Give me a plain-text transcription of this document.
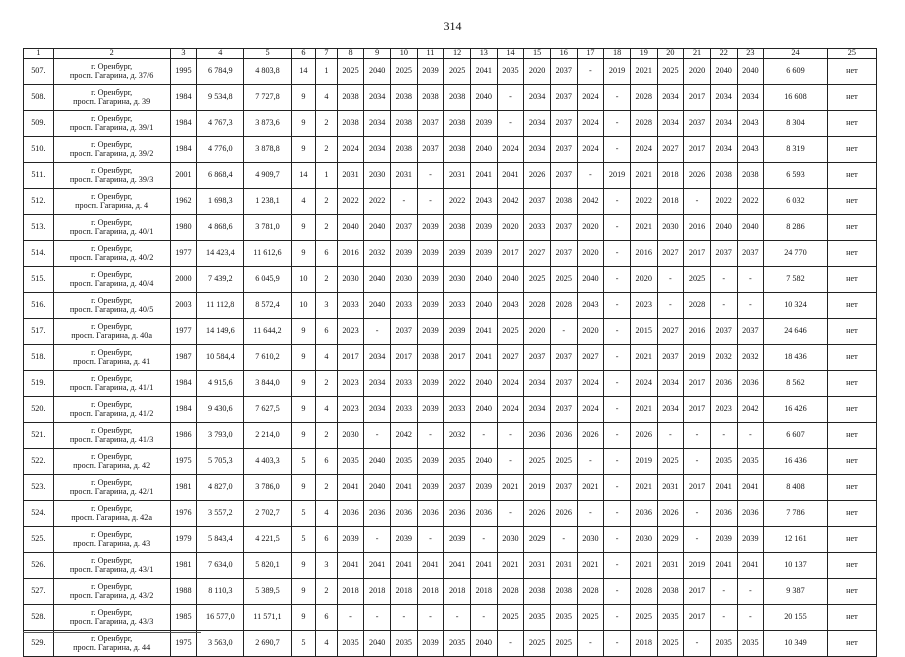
314
1	2	3	4	5	6	7	8	9	10	11	12	13	14	15	16	17	18	19	20	21	22	23	24	25
507.	г. Оренбург,
просп. Гагарина, д. 37/6	1995	6 784,9	4 803,8	14	1	2025	2040	2025	2039	2025	2041	2035	2020	2037	-	2019	2021	2025	2020	2040	2040	6 609	нет
508.	г. Оренбург,
просп. Гагарина, д. 39	1984	9 534,8	7 727,8	9	4	2038	2034	2038	2038	2038	2040	-	2034	2037	2024	-	2028	2034	2017	2034	2034	16 608	нет
509.	г. Оренбург,
просп. Гагарина, д. 39/1	1984	4 767,3	3 873,6	9	2	2038	2034	2038	2037	2038	2039	-	2034	2037	2024	-	2028	2034	2037	2034	2043	8 304	нет
510.	г. Оренбург,
просп. Гагарина, д. 39/2	1984	4 776,0	3 878,8	9	2	2024	2034	2038	2037	2038	2040	2024	2034	2037	2024	-	2024	2027	2017	2034	2043	8 319	нет
511.	г. Оренбург,
просп. Гагарина, д. 39/3	2001	6 868,4	4 909,7	14	1	2031	2030	2031	-	2031	2041	2041	2026	2037	-	2019	2021	2018	2026	2038	2038	6 593	нет
512.	г. Оренбург,
просп. Гагарина, д. 4	1962	1 698,3	1 238,1	4	2	2022	2022	-	-	2022	2043	2042	2037	2038	2042	-	2022	2018	-	2022	2022	6 032	нет
513.	г. Оренбург,
просп. Гагарина, д. 40/1	1980	4 868,6	3 781,0	9	2	2040	2040	2037	2039	2038	2039	2020	2033	2037	2020	-	2021	2030	2016	2040	2040	8 286	нет
514.	г. Оренбург,
просп. Гагарина, д. 40/2	1977	14 423,4	11 612,6	9	6	2016	2032	2039	2039	2039	2039	2017	2027	2037	2020	-	2016	2027	2017	2037	2037	24 770	нет
515.	г. Оренбург,
просп. Гагарина, д. 40/4	2000	7 439,2	6 045,9	10	2	2030	2040	2030	2039	2030	2040	2040	2025	2025	2040	-	2020	-	2025	-	-	7 582	нет
516.	г. Оренбург,
просп. Гагарина, д. 40/5	2003	11 112,8	8 572,4	10	3	2033	2040	2033	2039	2033	2040	2043	2028	2028	2043	-	2023	-	2028	-	-	10 324	нет
517.	г. Оренбург,
просп. Гагарина, д. 40а	1977	14 149,6	11 644,2	9	6	2023	-	2037	2039	2039	2041	2025	2020	-	2020	-	2015	2027	2016	2037	2037	24 646	нет
518.	г. Оренбург,
просп. Гагарина, д. 41	1987	10 584,4	7 610,2	9	4	2017	2034	2017	2038	2017	2041	2027	2037	2037	2027	-	2021	2037	2019	2032	2032	18 436	нет
519.	г. Оренбург,
просп. Гагарина, д. 41/1	1984	4 915,6	3 844,0	9	2	2023	2034	2033	2039	2022	2040	2024	2034	2037	2024	-	2024	2034	2017	2036	2036	8 562	нет
520.	г. Оренбург,
просп. Гагарина, д. 41/2	1984	9 430,6	7 627,5	9	4	2023	2034	2033	2039	2033	2040	2024	2034	2037	2024	-	2021	2034	2017	2023	2042	16 426	нет
521.	г. Оренбург,
просп. Гагарина, д. 41/3	1986	3 793,0	2 214,0	9	2	2030	-	2042	-	2032	-	-	2036	2036	2026	-	2026	-	-	-	-	6 607	нет
522.	г. Оренбург,
просп. Гагарина, д. 42	1975	5 705,3	4 403,3	5	6	2035	2040	2035	2039	2035	2040	-	2025	2025	-	-	2019	2025	-	2035	2035	16 436	нет
523.	г. Оренбург,
просп. Гагарина, д. 42/1	1981	4 827,0	3 786,0	9	2	2041	2040	2041	2039	2037	2039	2021	2019	2037	2021	-	2021	2031	2017	2041	2041	8 408	нет
524.	г. Оренбург,
просп. Гагарина, д. 42а	1976	3 557,2	2 702,7	5	4	2036	2036	2036	2036	2036	2036	-	2026	2026	-	-	2036	2026	-	2036	2036	7 786	нет
525.	г. Оренбург,
просп. Гагарина, д. 43	1979	5 843,4	4 221,5	5	6	2039	-	2039	-	2039	-	2030	2029	-	2030	-	2030	2029	-	2039	2039	12 161	нет
526.	г. Оренбург,
просп. Гагарина, д. 43/1	1981	7 634,0	5 820,1	9	3	2041	2041	2041	2041	2041	2041	2021	2031	2031	2021	-	2021	2031	2019	2041	2041	10 137	нет
527.	г. Оренбург,
просп. Гагарина, д. 43/2	1988	8 110,3	5 389,5	9	2	2018	2018	2018	2018	2018	2018	2028	2038	2038	2028	-	2028	2038	2017	-	-	9 387	нет
528.	г. Оренбург,
просп. Гагарина, д. 43/3	1985	16 577,0	11 571,1	9	6	-	-	-	-	-	-	2025	2035	2035	2025	-	2025	2035	2017	-	-	20 155	нет
529.	г. Оренбург,
просп. Гагарина, д. 44	1975	3 563,0	2 690,7	5	4	2035	2040	2035	2039	2035	2040	-	2025	2025	-	-	2018	2025	-	2035	2035	10 349	нет
